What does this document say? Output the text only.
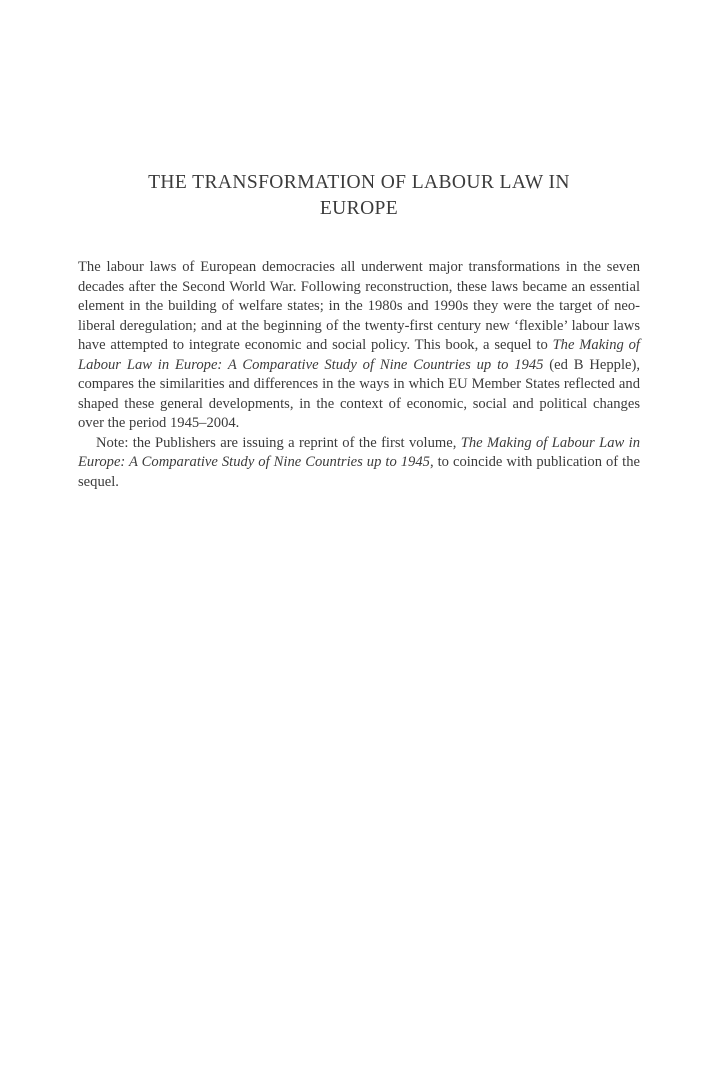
THE TRANSFORMATION OF LABOUR LAW IN
EUROPE

The labour laws of European democracies all underwent major transformations in the seven decades after the Second World War. Following reconstruction, these laws became an essential element in the building of welfare states; in the 1980s and 1990s they were the target of neo-liberal deregulation; and at the beginning of the twenty-first century new ‘flexible’ labour laws have attempted to integrate economic and social policy. This book, a sequel to The Making of Labour Law in Europe: A Comparative Study of Nine Countries up to 1945 (ed B Hepple), compares the similarities and differences in the ways in which EU Member States reflected and shaped these general developments, in the context of economic, social and political changes over the period 1945–2004.

Note: the Publishers are issuing a reprint of the first volume, The Making of Labour Law in Europe: A Comparative Study of Nine Countries up to 1945, to coincide with publication of the sequel.
